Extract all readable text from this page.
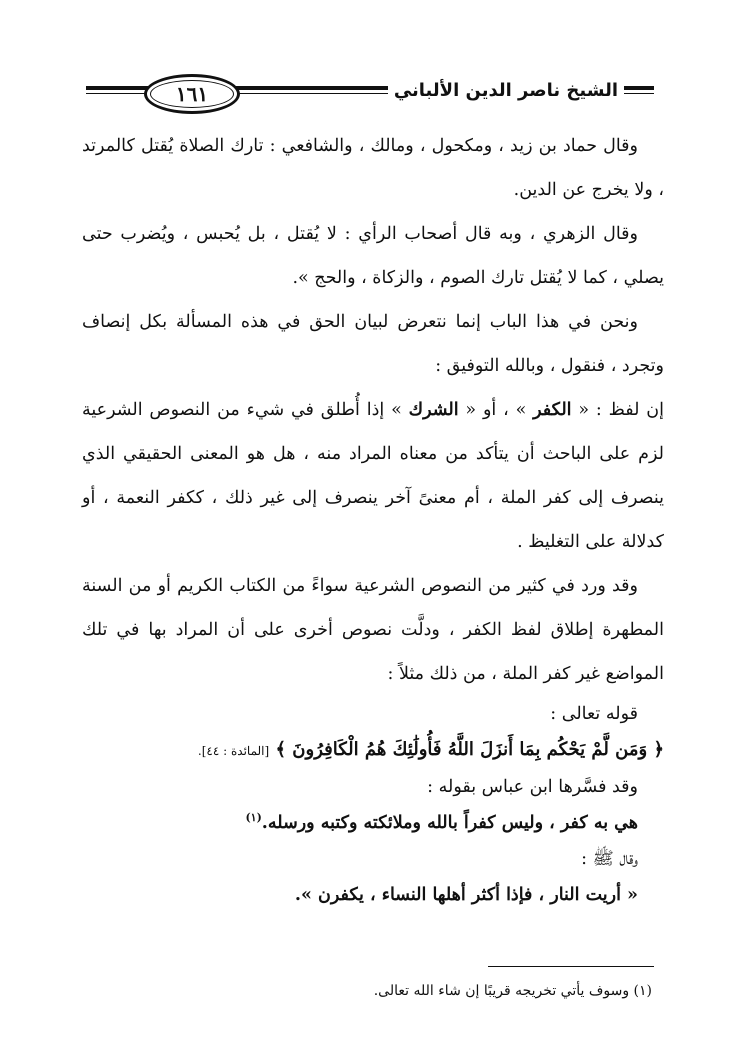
١٦١	الشيخ ناصر الدين الألباني

وقال حماد بن زيد ، ومكحول ، ومالك ، والشافعي : تارك الصلاة يُقتل كالمرتد ، ولا يخرج عن الدين.

وقال الزهري ، وبه قال أصحاب الرأي : لا يُقتل ، بل يُحبس ، ويُضرب حتى يصلي ، كما لا يُقتل تارك الصوم ، والزكاة ، والحج ».

ونحن في هذا الباب إنما نتعرض لبيان الحق في هذه المسألة بكل إنصاف وتجرد ، فنقول ، وبالله التوفيق :

إن لفظ : « الكفر » ، أو « الشرك » إذا أُطلق في شيء من النصوص الشرعية لزم على الباحث أن يتأكد من معناه المراد منه ، هل هو المعنى الحقيقي الذي ينصرف إلى كفر الملة ، أم معنىً آخر ينصرف إلى غير ذلك ، ككفر النعمة ، أو كدلالة على التغليظ .

وقد ورد في كثير من النصوص الشرعية سواءً من الكتاب الكريم أو من السنة المطهرة إطلاق لفظ الكفر ، ودلَّت نصوص أخرى على أن المراد بها في تلك المواضع غير كفر الملة ، من ذلك مثلاً :

قوله تعالى :

﴿ وَمَن لَّمْ يَحْكُم بِمَا أَنزَلَ اللَّهُ فَأُولَٰئِكَ هُمُ الْكَافِرُونَ ﴾ [المائدة : ٤٤].

وقد فسَّرها ابن عباس بقوله :

هي به كفر ، وليس كفراً بالله وملائكته وكتبه ورسله.$^{(١)}$

وقال ﷺ :

« أريت النار ، فإذا أكثر أهلها النساء ، يكفرن ».

(١) وسوف يأتي تخريجه قريبًا إن شاء الله تعالى.
